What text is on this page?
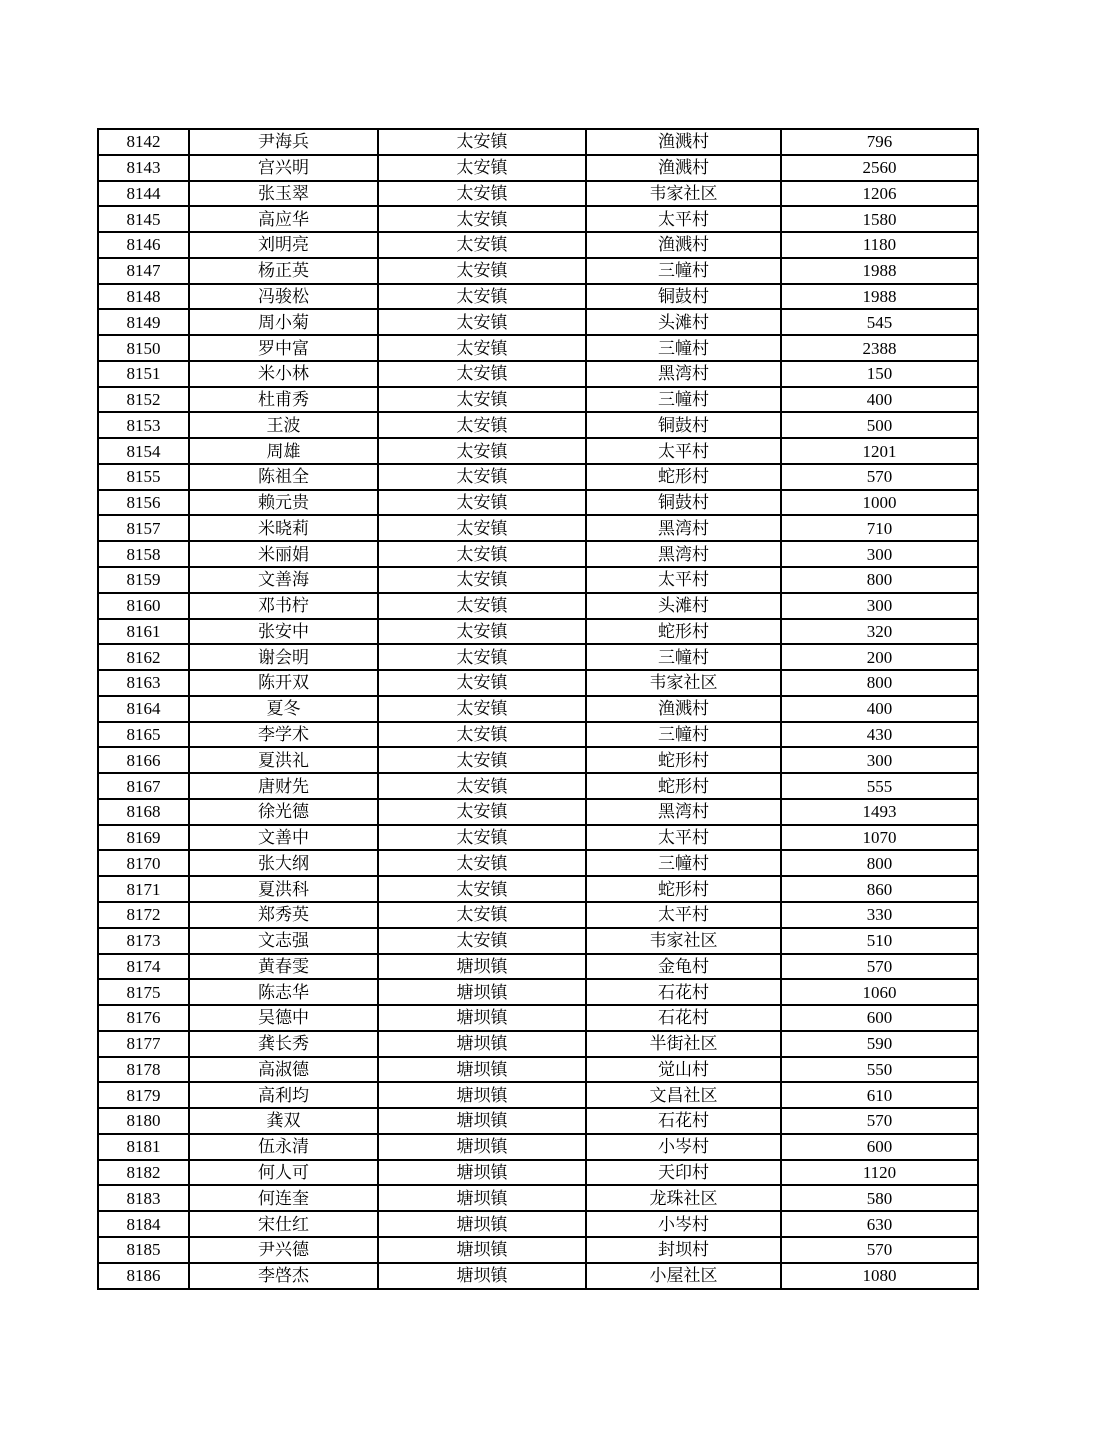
8142	尹海兵	太安镇	渔溅村	796
8143	宫兴明	太安镇	渔溅村	2560
8144	张玉翠	太安镇	韦家社区	1206
8145	高应华	太安镇	太平村	1580
8146	刘明亮	太安镇	渔溅村	1180
8147	杨正英	太安镇	三幢村	1988
8148	冯骏松	太安镇	铜鼓村	1988
8149	周小菊	太安镇	头滩村	545
8150	罗中富	太安镇	三幢村	2388
8151	米小林	太安镇	黑湾村	150
8152	杜甫秀	太安镇	三幢村	400
8153	王波	太安镇	铜鼓村	500
8154	周雄	太安镇	太平村	1201
8155	陈祖全	太安镇	蛇形村	570
8156	赖元贵	太安镇	铜鼓村	1000
8157	米晓莉	太安镇	黑湾村	710
8158	米丽娟	太安镇	黑湾村	300
8159	文善海	太安镇	太平村	800
8160	邓书柠	太安镇	头滩村	300
8161	张安中	太安镇	蛇形村	320
8162	谢会明	太安镇	三幢村	200
8163	陈开双	太安镇	韦家社区	800
8164	夏冬	太安镇	渔溅村	400
8165	李学术	太安镇	三幢村	430
8166	夏洪礼	太安镇	蛇形村	300
8167	唐财先	太安镇	蛇形村	555
8168	徐光德	太安镇	黑湾村	1493
8169	文善中	太安镇	太平村	1070
8170	张大纲	太安镇	三幢村	800
8171	夏洪科	太安镇	蛇形村	860
8172	郑秀英	太安镇	太平村	330
8173	文志强	太安镇	韦家社区	510
8174	黄春雯	塘坝镇	金龟村	570
8175	陈志华	塘坝镇	石花村	1060
8176	吴德中	塘坝镇	石花村	600
8177	龚长秀	塘坝镇	半街社区	590
8178	高淑德	塘坝镇	觉山村	550
8179	高利均	塘坝镇	文昌社区	610
8180	龚双	塘坝镇	石花村	570
8181	伍永清	塘坝镇	小岑村	600
8182	何人可	塘坝镇	天印村	1120
8183	何连奎	塘坝镇	龙珠社区	580
8184	宋仕红	塘坝镇	小岑村	630
8185	尹兴德	塘坝镇	封坝村	570
8186	李啓杰	塘坝镇	小屋社区	1080
